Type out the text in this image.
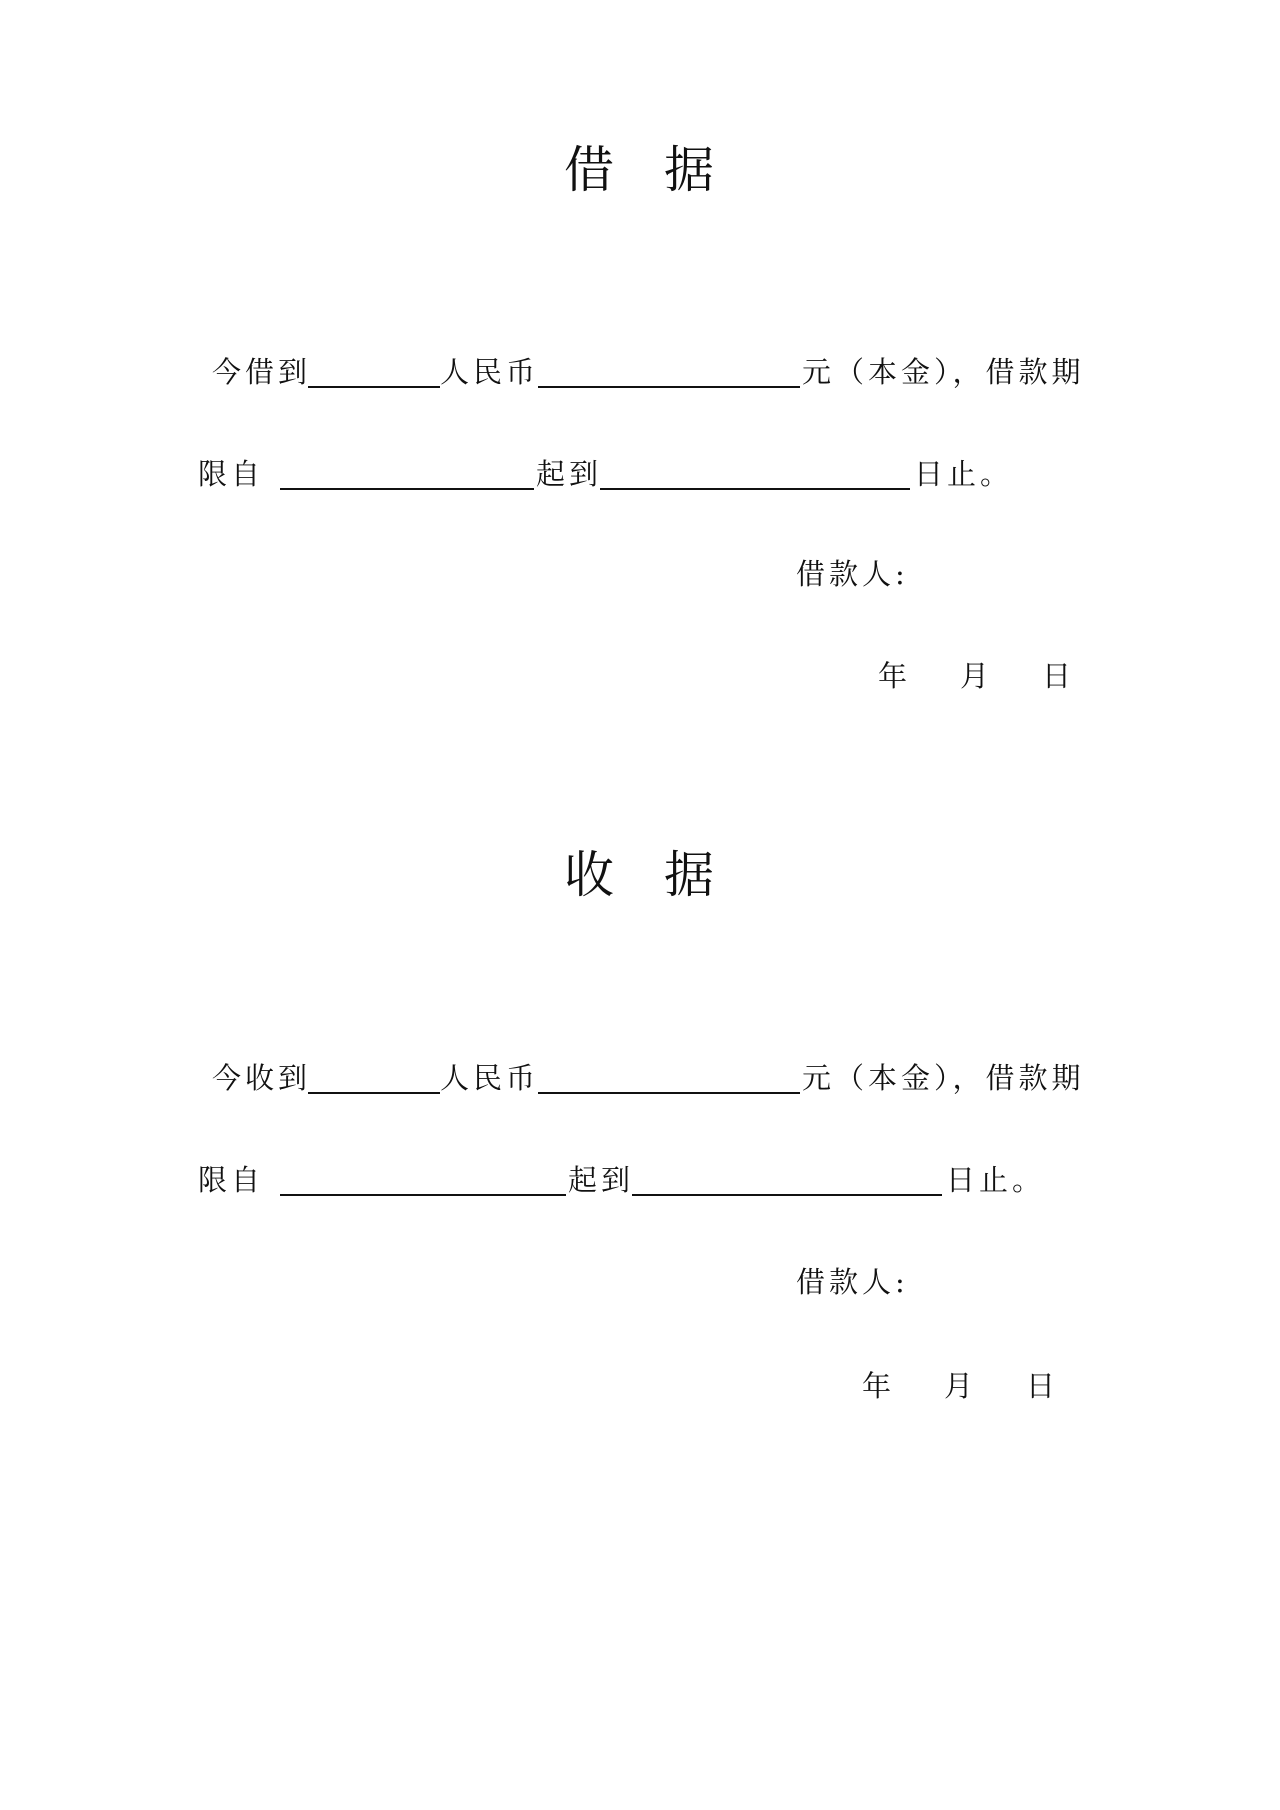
借 据
今借到	人民币	元（本金），借款期
限自	起到	日止。
借款人:
年 月 日
收 据
今收到	人民币	元（本金），借款期
限自	起到	日止。
借款人:
年 月 日
